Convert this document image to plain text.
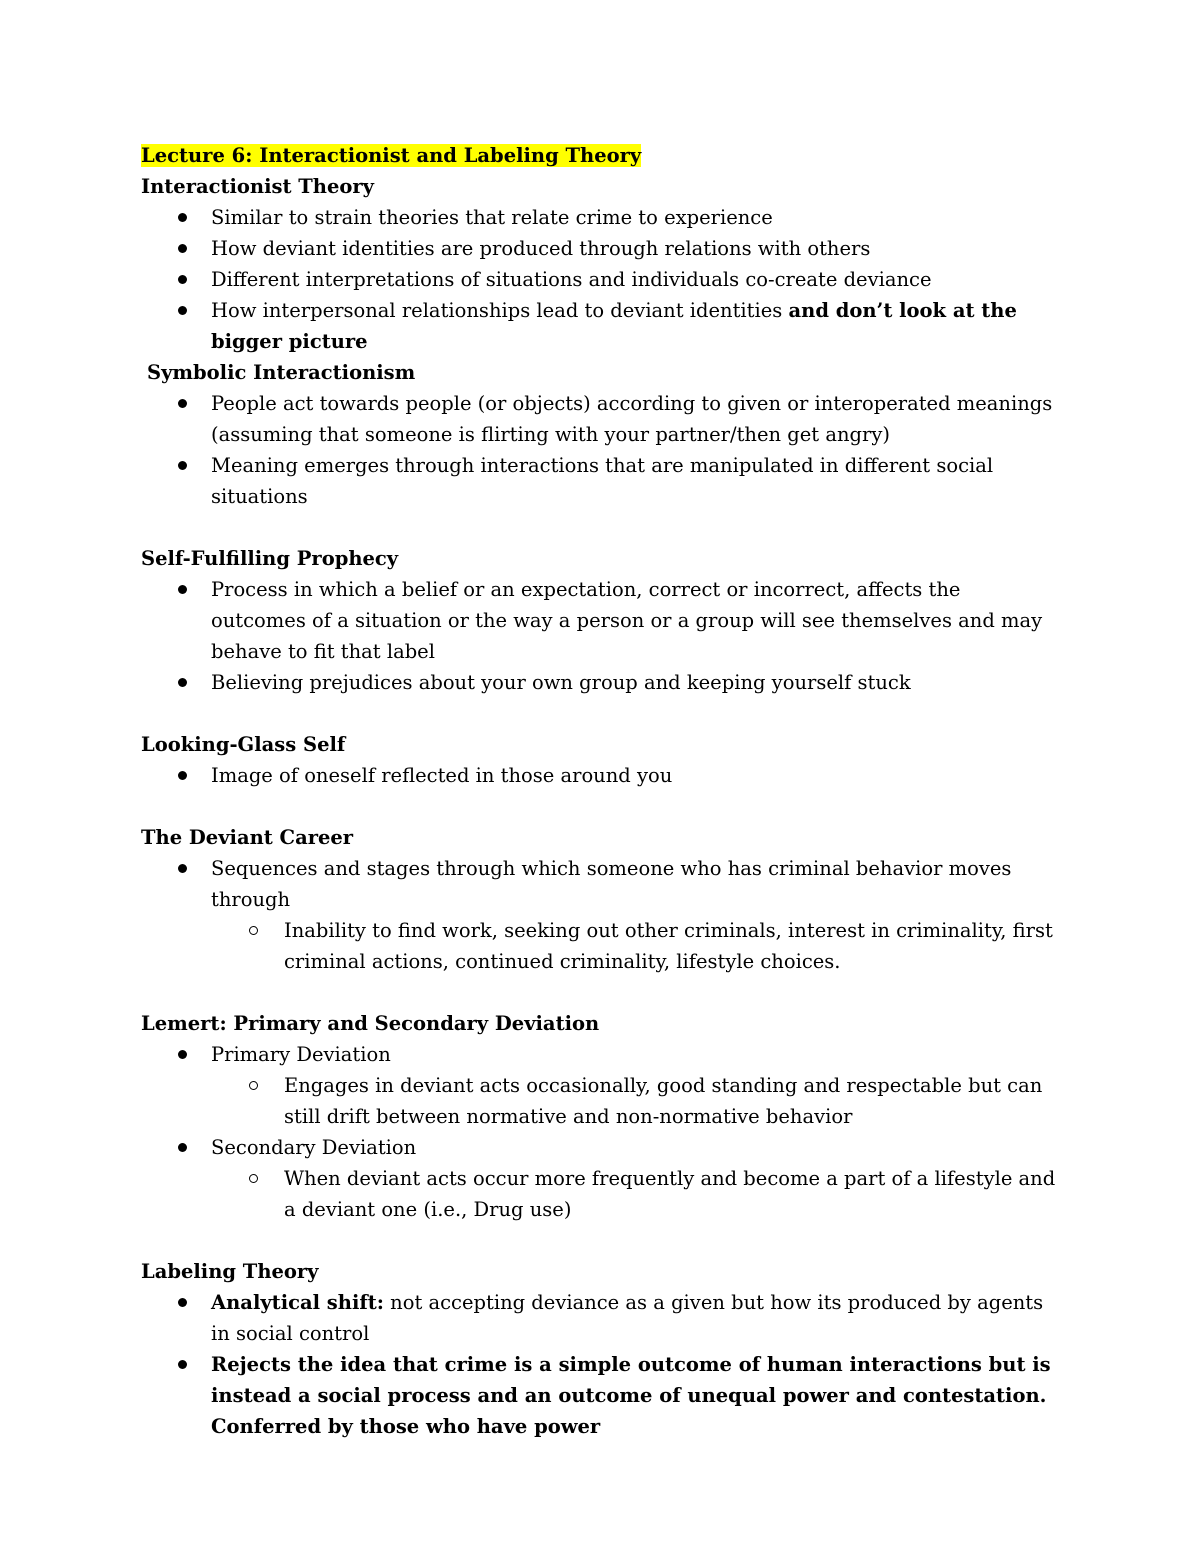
Lecture 6: Interactionist and Labeling Theory
Interactionist Theory
Similar to strain theories that relate crime to experience
How deviant identities are produced through relations with others
Different interpretations of situations and individuals co-create deviance
How interpersonal relationships lead to deviant identities and don’t look at the bigger picture
Symbolic Interactionism
People act towards people (or objects) according to given or interoperated meanings (assuming that someone is flirting with your partner/then get angry)
Meaning emerges through interactions that are manipulated in different social situations
Self-Fulfilling Prophecy
Process in which a belief or an expectation, correct or incorrect, affects the outcomes of a situation or the way a person or a group will see themselves and may behave to fit that label
Believing prejudices about your own group and keeping yourself stuck
Looking-Glass Self
Image of oneself reflected in those around you
The Deviant Career
Sequences and stages through which someone who has criminal behavior moves through
Inability to find work, seeking out other criminals, interest in criminality, first criminal actions, continued criminality, lifestyle choices.
Lemert: Primary and Secondary Deviation
Primary Deviation
Engages in deviant acts occasionally, good standing and respectable but can still drift between normative and non-normative behavior
Secondary Deviation
When deviant acts occur more frequently and become a part of a lifestyle and a deviant one (i.e., Drug use)
Labeling Theory
Analytical shift: not accepting deviance as a given but how its produced by agents in social control
Rejects the idea that crime is a simple outcome of human interactions but is instead a social process and an outcome of unequal power and contestation. Conferred by those who have power
